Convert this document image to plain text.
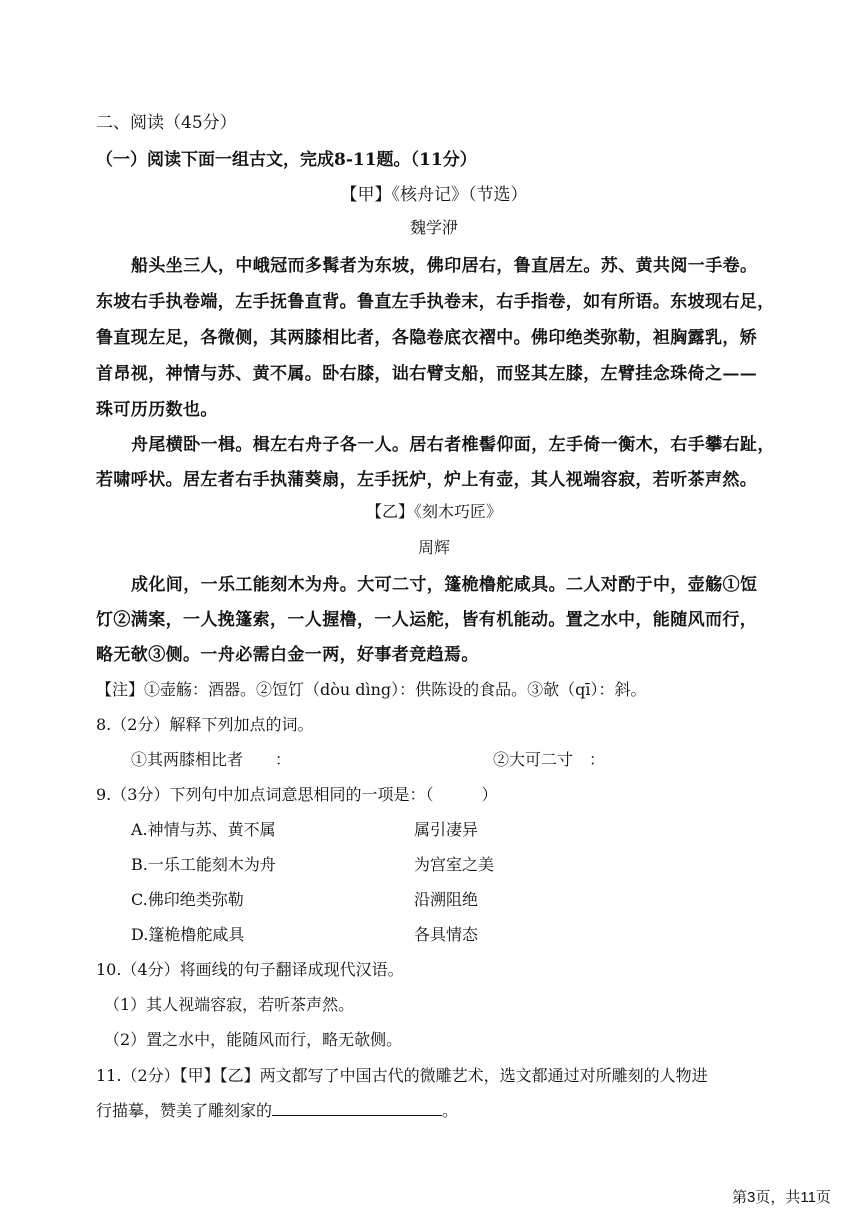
二、阅读（45分）
（一）阅读下面一组古文，完成8-11题。（11分）
【甲】《核舟记》（节选）
魏学洢
船头坐三人，中峨冠而多髯者为东坡，佛印居右，鲁直居左。苏、黄共阅一手卷。
东坡右手执卷端，左手抚鲁直背。鲁直左手执卷末，右手指卷，如有所语。东坡现右足，
鲁直现左足，各微侧，其两膝相比者，各隐卷底衣褶中。佛印绝类弥勒，袒胸露乳，矫
首昂视，神情与苏、黄不属。卧右膝，诎右臂支船，而竖其左膝，左臂挂念珠倚之——
珠可历历数也。
舟尾横卧一楫。楫左右舟子各一人。居右者椎髻仰面，左手倚一衡木，右手攀右趾，
若啸呼状。居左者右手执蒲葵扇，左手抚炉，炉上有壶，其人视端容寂，若听茶声然。
【乙】《刻木巧匠》
周辉
成化间，一乐工能刻木为舟。大可二寸，篷桅橹舵咸具。二人对酌于中，壶觞①饾
饤②满案，一人挽篷索，一人握橹，一人运舵，皆有机能动。置之水中，能随风而行，
略无欹③侧。一舟必需白金一两，好事者竞趋焉。
【注】①壶觞：酒器。②饾饤（dòu dìng）：供陈设的食品。③欹（qī）：斜。
8.（2分）解释下列加点的词。
①其两膝相比者　　：	②大可二寸　：
9.（3分）下列句中加点词意思相同的一项是：（　　　）
A.神情与苏、黄不属	属引凄异
B.一乐工能刻木为舟	为宫室之美
C.佛印绝类弥勒	沿溯阻绝
D.篷桅橹舵咸具	各具情态
10.（4分）将画线的句子翻译成现代汉语。
（1）其人视端容寂，若听茶声然。
（2）置之水中，能随风而行，略无欹侧。
11.（2分）【甲】【乙】两文都写了中国古代的微雕艺术，选文都通过对所雕刻的人物进
行描摹，赞美了雕刻家的	。
第3页，共11页
